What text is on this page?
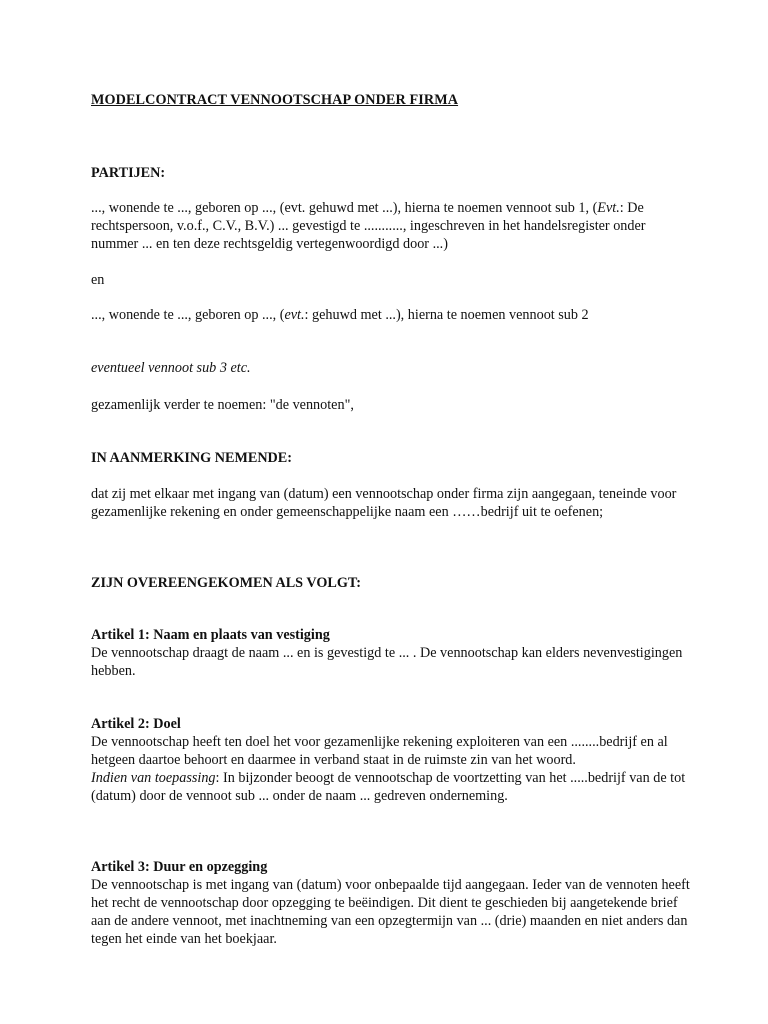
MODELCONTRACT VENNOOTSCHAP ONDER FIRMA
PARTIJEN:
..., wonende te ..., geboren op ..., (evt. gehuwd met ...), hierna te noemen vennoot sub 1, (Evt.: De rechtspersoon, v.o.f., C.V., B.V.) ... gevestigd te ..........., ingeschreven in het handelsregister onder nummer ... en ten deze rechtsgeldig vertegenwoordigd door ...)
en
..., wonende te ..., geboren op ..., (evt.: gehuwd met ...), hierna te noemen vennoot sub 2
eventueel vennoot sub 3 etc.
gezamenlijk verder te noemen: "de vennoten",
IN AANMERKING NEMENDE:
dat zij met elkaar met ingang van (datum) een vennootschap onder firma zijn aangegaan, teneinde voor gezamenlijke rekening en onder gemeenschappelijke naam een ……bedrijf uit te oefenen;
ZIJN OVEREENGEKOMEN ALS VOLGT:
Artikel 1: Naam en plaats van vestiging
De vennootschap draagt de naam ... en is gevestigd te ... . De vennootschap kan elders nevenvestigingen hebben.
Artikel 2: Doel
De vennootschap heeft ten doel het voor gezamenlijke rekening exploiteren van een ........bedrijf en al hetgeen daartoe behoort en daarmee in verband staat in de ruimste zin van het woord.
Indien van toepassing: In bijzonder beoogt de vennootschap de voortzetting van het .....bedrijf van de tot (datum) door de vennoot sub ... onder de naam ... gedreven onderneming.
Artikel 3: Duur en opzegging
De vennootschap is met ingang van (datum) voor onbepaalde tijd aangegaan. Ieder van de vennoten heeft het recht de vennootschap door opzegging te beëindigen. Dit dient te geschieden bij aangetekende brief aan de andere vennoot, met inachtneming van een opzegtermijn van ... (drie) maanden en niet anders dan tegen het einde van het boekjaar.
